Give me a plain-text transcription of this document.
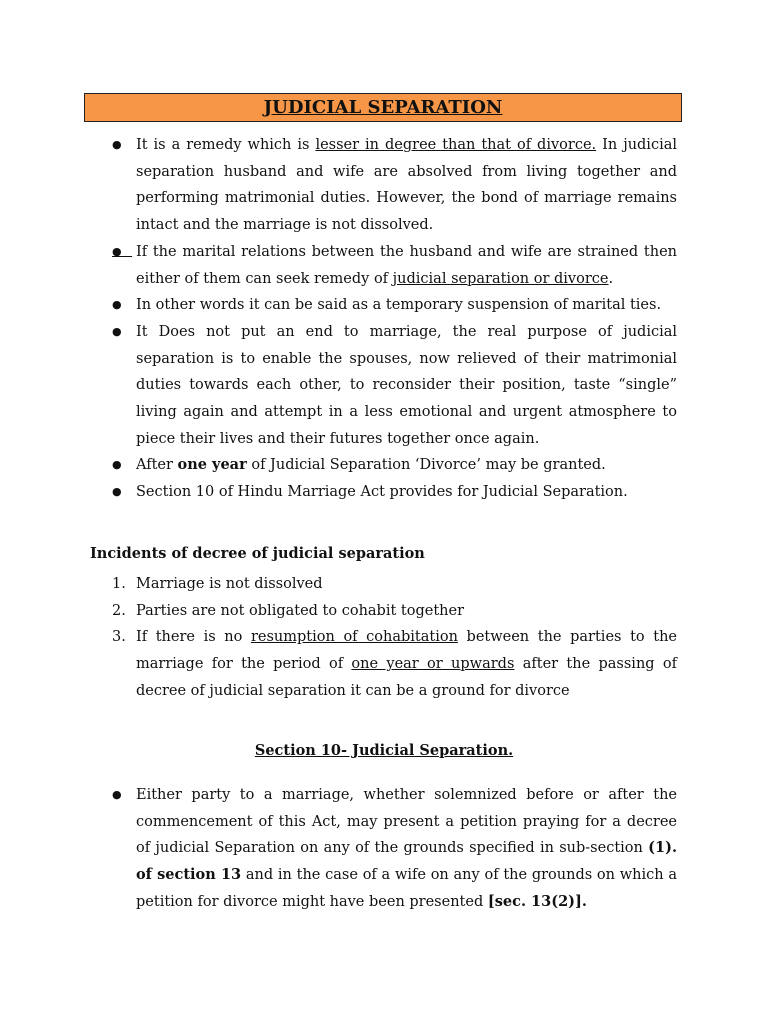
JUDICIAL SEPARATION
● It is a remedy which is lesser in degree than that of divorce. In judicial separation husband and wife are absolved from living together and performing matrimonial duties. However, the bond of marriage remains intact and the marriage is not dissolved.
●   If the marital relations between the husband and wife are strained then either of them can seek remedy of judicial separation or divorce.
● In other words it can be said as a temporary suspension of marital ties.
● It Does not put an end to marriage, the real purpose of judicial separation is to enable the spouses, now relieved of their matrimonial duties towards each other, to reconsider their position, taste “single” living again and attempt in a less emotional and urgent atmosphere to piece their lives and their futures together once again.
● After one year of Judicial Separation ‘Divorce’ may be granted.
● Section 10 of Hindu Marriage Act provides for Judicial Separation.
Incidents of decree of judicial separation
1. Marriage is not dissolved
2. Parties are not obligated to cohabit together
3. If there is no resumption of cohabitation between the parties to the marriage for the period of one year or upwards after the passing of decree of judicial separation it can be a ground for divorce
Section 10- Judicial Separation.
● Either party to a marriage, whether solemnized before or after the commencement of this Act, may present a petition praying for a decree of judicial Separation on any of the grounds specified in sub-section (1). of section 13 and in the case of a wife on any of the grounds on which a petition for divorce might have been presented [sec. 13(2)].
